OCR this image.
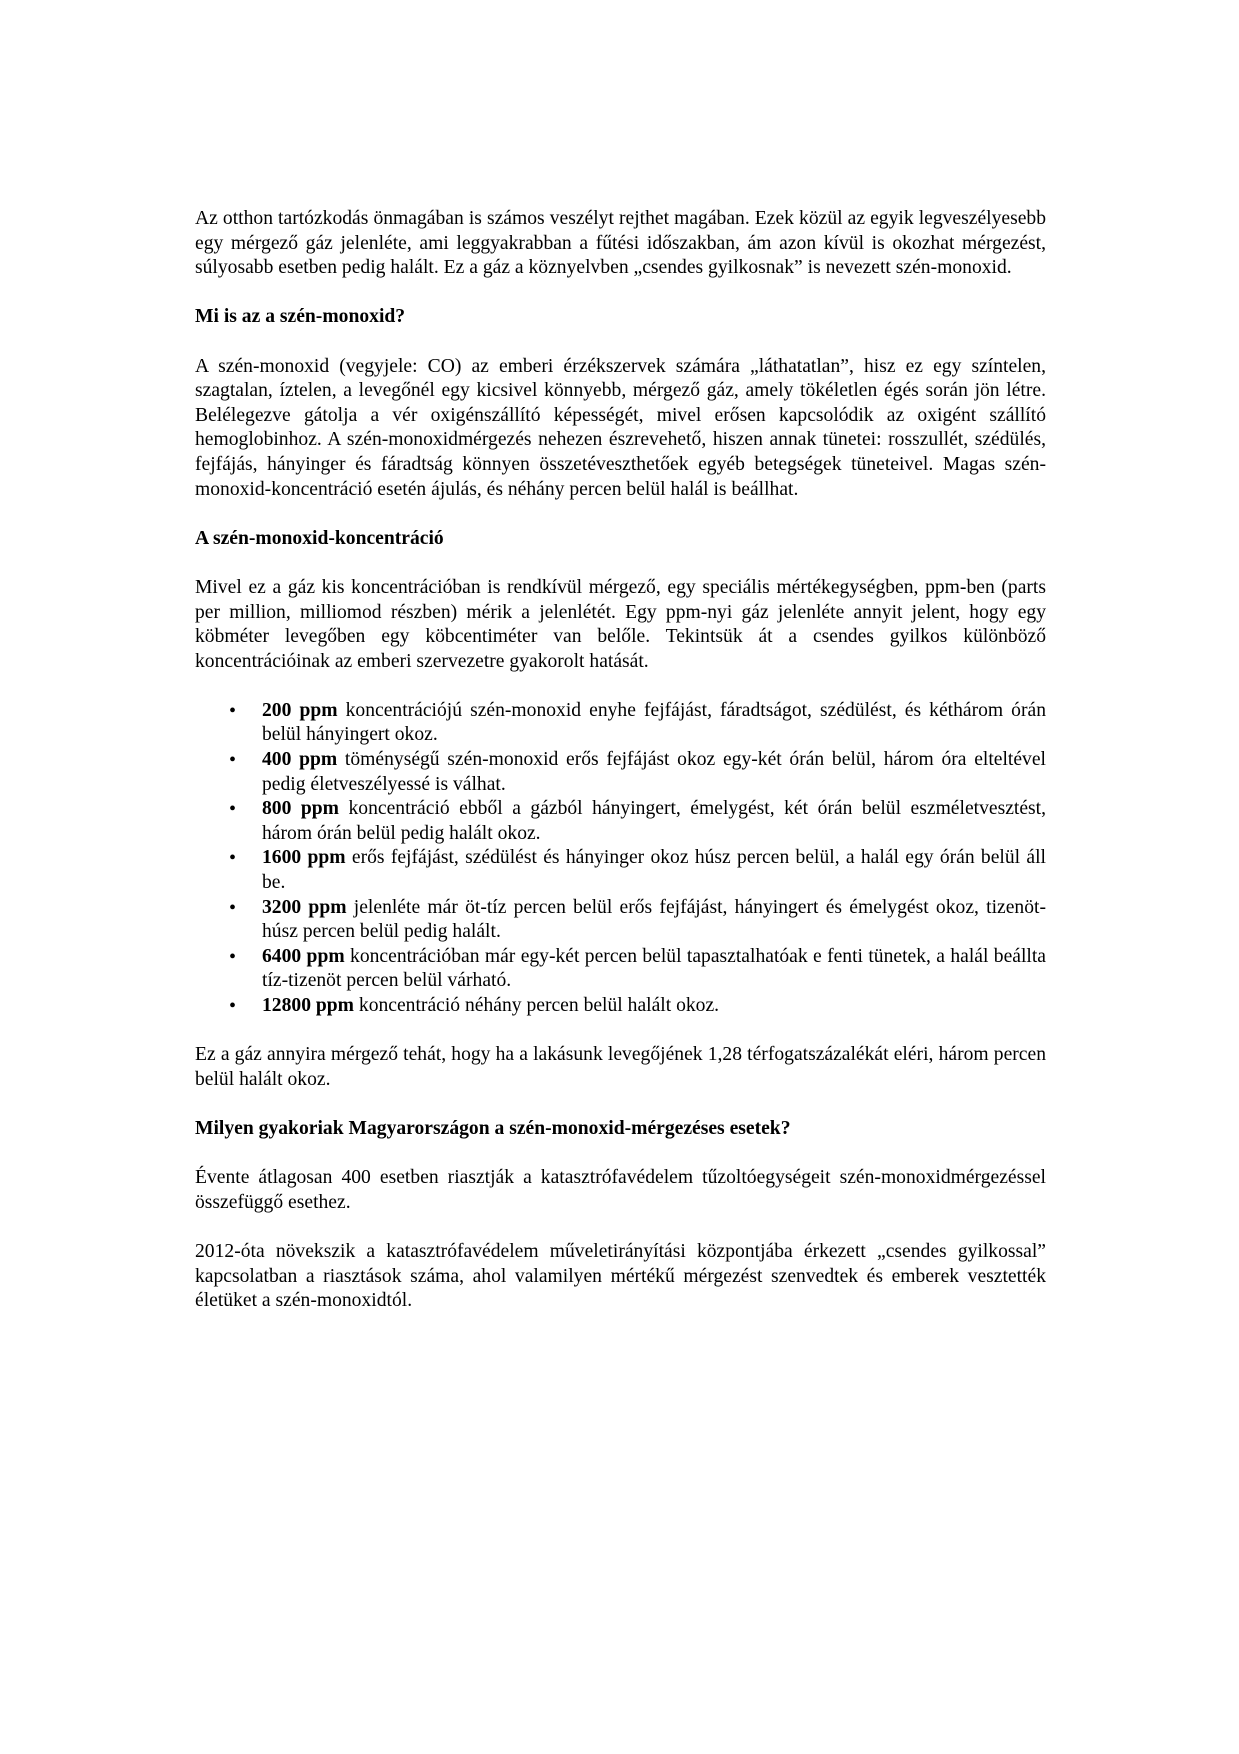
Az otthon tartózkodás önmagában is számos veszélyt rejthet magában. Ezek közül az egyik legveszélyesebb egy mérgező gáz jelenléte, ami leggyakrabban a fűtési időszakban, ám azon kívül is okozhat mérgezést, súlyosabb esetben pedig halált. Ez a gáz a köznyelvben „csendes gyilkosnak” is nevezett szén-monoxid.

Mi is az a szén-monoxid?

A szén-monoxid (vegyjele: CO) az emberi érzékszervek számára „láthatatlan”, hisz ez egy színtelen, szagtalan, íztelen, a levegőnél egy kicsivel könnyebb, mérgező gáz, amely tökéletlen égés során jön létre. Belélegezve gátolja a vér oxigénszállító képességét, mivel erősen kapcsolódik az oxigént szállító hemoglobinhoz. A szén-monoxidmérgezés nehezen észrevehető, hiszen annak tünetei: rosszullét, szédülés, fejfájás, hányinger és fáradtság könnyen összetéveszthetőek egyéb betegségek tüneteivel. Magas szén-monoxid-koncentráció esetén ájulás, és néhány percen belül halál is beállhat.

A szén-monoxid-koncentráció

Mivel ez a gáz kis koncentrációban is rendkívül mérgező, egy speciális mértékegységben, ppm-ben (parts per million, milliomod részben) mérik a jelenlétét. Egy ppm-nyi gáz jelenléte annyit jelent, hogy egy köbméter levegőben egy köbcentiméter van belőle. Tekintsük át a csendes gyilkos különböző koncentrációinak az emberi szervezetre gyakorolt hatását.

• 200 ppm koncentrációjú szén-monoxid enyhe fejfájást, fáradtságot, szédülést, és kéthárom órán belül hányingert okoz.
• 400 ppm töménységű szén-monoxid erős fejfájást okoz egy-két órán belül, három óra elteltével pedig életveszélyessé is válhat.
• 800 ppm koncentráció ebből a gázból hányingert, émelygést, két órán belül eszméletvesztést, három órán belül pedig halált okoz.
• 1600 ppm erős fejfájást, szédülést és hányinger okoz húsz percen belül, a halál egy órán belül áll be.
• 3200 ppm jelenléte már öt-tíz percen belül erős fejfájást, hányingert és émelygést okoz, tizenöt-húsz percen belül pedig halált.
• 6400 ppm koncentrációban már egy-két percen belül tapasztalhatóak e fenti tünetek, a halál beállta tíz-tizenöt percen belül várható.
• 12800 ppm koncentráció néhány percen belül halált okoz.

Ez a gáz annyira mérgező tehát, hogy ha a lakásunk levegőjének 1,28 térfogatszázalékát eléri, három percen belül halált okoz.

Milyen gyakoriak Magyarországon a szén-monoxid-mérgezéses esetek?

Évente átlagosan 400 esetben riasztják a katasztrófavédelem tűzoltóegységeit szén-monoxidmérgezéssel összefüggő esethez.

2012-óta növekszik a katasztrófavédelem műveletirányítási központjába érkezett „csendes gyilkossal” kapcsolatban a riasztások száma, ahol valamilyen mértékű mérgezést szenvedtek és emberek vesztették életüket a szén-monoxidtól.
